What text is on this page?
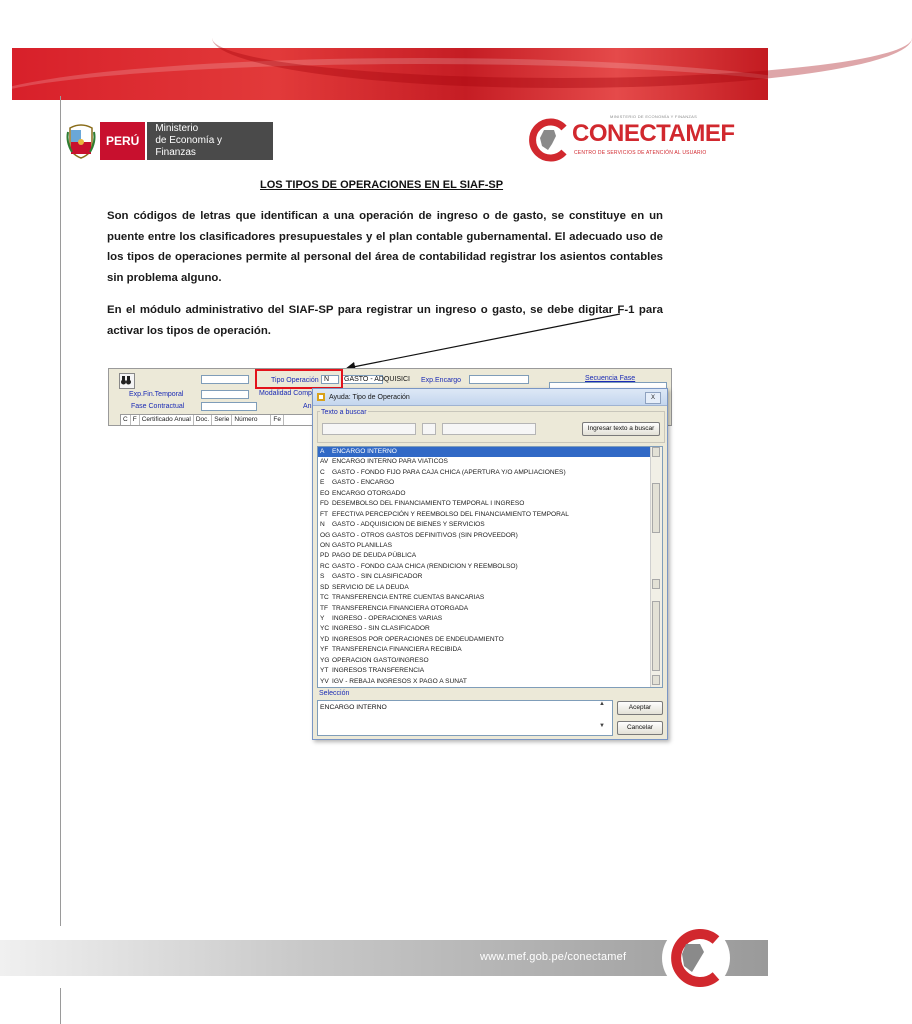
PERÚ
Ministerio
de Economía y Finanzas
MINISTERIO DE ECONOMÍA Y FINANZAS
CONECTAMEF
CENTRO DE SERVICIOS DE ATENCIÓN AL USUARIO
LOS TIPOS DE OPERACIONES EN EL SIAF-SP
Son códigos de letras que identifican a una operación de ingreso o de gasto, se constituye en un puente entre los clasificadores presupuestales y el plan contable gubernamental. El adecuado uso de los tipos de operaciones permite al personal del área de contabilidad registrar los asientos contables sin problema alguno.
En el módulo administrativo del SIAF-SP para registrar un ingreso o gasto, se debe digitar F-1 para activar los tipos de operación.
Tipo Operación N	GASTO - ADQUISICI Exp.Encargo	Secuencia Fase
Exp.Fin.Temporal	Modalidad Comp
Fase Contractual	An
C F Certificado Anual Doc. Serie Número	Fe
Ayuda: Tipo de Operación	X
Texto a buscar
Ingresar texto a buscar
A ENCARGO INTERNO
AV ENCARGO INTERNO PARA VIATICOS
C GASTO - FONDO FIJO PARA CAJA CHICA (APERTURA Y/O AMPLIACIONES)
E GASTO - ENCARGO
EO ENCARGO OTORGADO
FD DESEMBOLSO DEL FINANCIAMIENTO TEMPORAL I INGRESO
FT EFECTIVA PERCEPCIÓN Y REEMBOLSO DEL FINANCIAMIENTO TEMPORAL
N GASTO - ADQUISICION DE BIENES Y SERVICIOS
OG GASTO - OTROS GASTOS DEFINITIVOS (SIN PROVEEDOR)
ON GASTO PLANILLAS
PD PAGO DE DEUDA PÚBLICA
RC GASTO - FONDO CAJA CHICA (RENDICION Y REEMBOLSO)
S GASTO - SIN CLASIFICADOR
SD SERVICIO DE LA DEUDA
TC TRANSFERENCIA ENTRE CUENTAS BANCARIAS
TF TRANSFERENCIA FINANCIERA OTORGADA
Y INGRESO - OPERACIONES VARIAS
YC INGRESO - SIN CLASIFICADOR
YD INGRESOS POR OPERACIONES DE ENDEUDAMIENTO
YF TRANSFERENCIA FINANCIERA RECIBIDA
YG OPERACION GASTO/INGRESO
YT INGRESOS TRANSFERENCIA
YV IGV - REBAJA INGRESOS X PAGO A SUNAT
Selección
ENCARGO INTERNO	▲
▼
Aceptar
Cancelar
www.mef.gob.pe/conectamef
